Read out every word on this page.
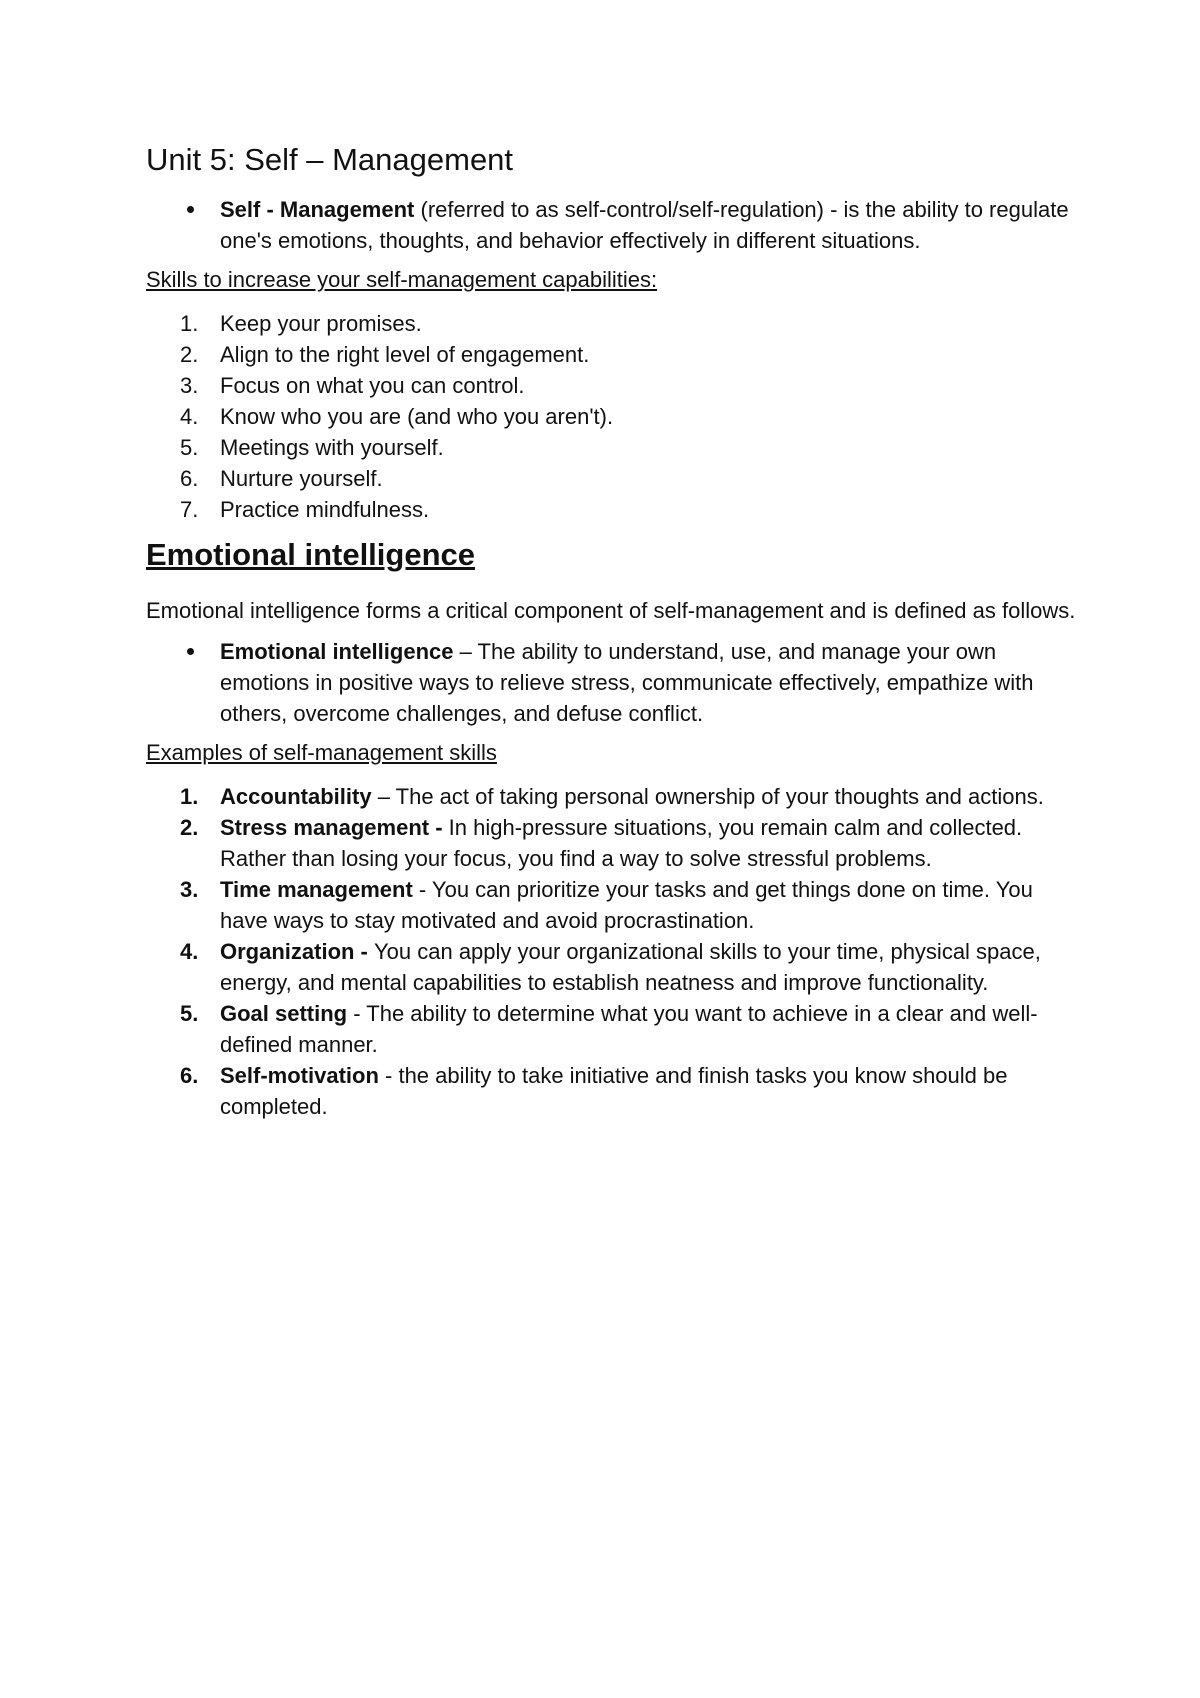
Unit 5: Self – Management
Self - Management (referred to as self-control/self-regulation) - is the ability to regulate one's emotions, thoughts, and behavior effectively in different situations.

Skills to increase your self-management capabilities:

1. Keep your promises.
2. Align to the right level of engagement.
3. Focus on what you can control.
4. Know who you are (and who you aren't).
5. Meetings with yourself.
6. Nurture yourself.
7. Practice mindfulness.
Emotional intelligence

Emotional intelligence forms a critical component of self-management and is defined as follows.

Emotional intelligence – The ability to understand, use, and manage your own emotions in positive ways to relieve stress, communicate effectively, empathize with others, overcome challenges, and defuse conflict.

Examples of self-management skills

1. Accountability – The act of taking personal ownership of your thoughts and actions.
2. Stress management - In high-pressure situations, you remain calm and collected. Rather than losing your focus, you find a way to solve stressful problems.
3. Time management - You can prioritize your tasks and get things done on time. You have ways to stay motivated and avoid procrastination.
4. Organization - You can apply your organizational skills to your time, physical space, energy, and mental capabilities to establish neatness and improve functionality.
5. Goal setting - The ability to determine what you want to achieve in a clear and well-defined manner.
6. Self-motivation - the ability to take initiative and finish tasks you know should be completed.
